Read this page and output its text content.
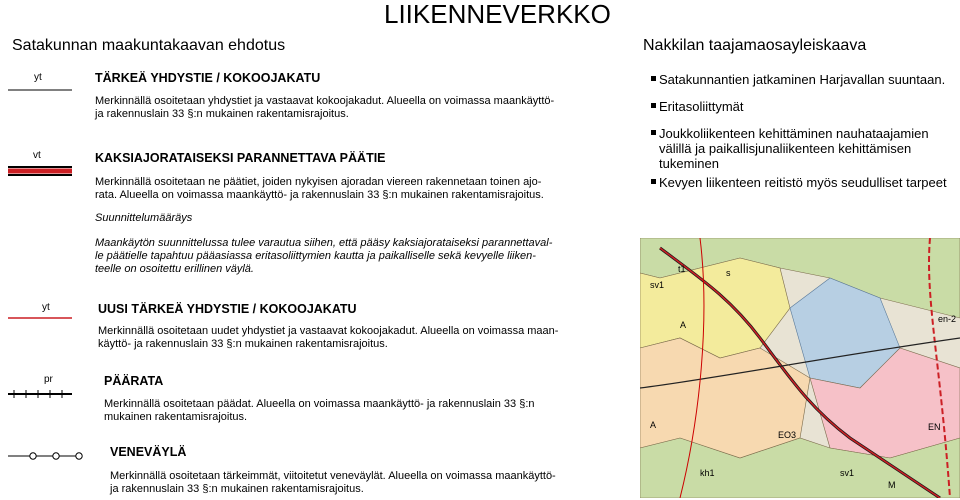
LIIKENNEVERKKO
Satakunnan maakuntakaavan ehdotus	Nakkilan taajamaosayleiskaava
yt
vt
yt
pr
TÄRKEÄ YHDYSTIE / KOKOOJAKATU
Merkinnällä osoitetaan yhdystiet ja vastaavat kokoojakadut. Alueella on voimassa maankäyttö-
ja rakennuslain 33 §:n mukainen rakentamisrajoitus.
KAKSIAJORATAISEKSI PARANNETTAVA PÄÄTIE
Merkinnällä osoitetaan ne päätiet, joiden nykyisen ajoradan viereen rakennetaan toinen ajo-
rata. Alueella on voimassa maankäyttö- ja rakennuslain 33 §:n mukainen rakentamisrajoitus.
Suunnittelumääräys
Maankäytön suunnittelussa tulee varautua siihen, että pääsy kaksiajorataiseksi parannettaval-
le päätielle tapahtuu pääasiassa eritasoliittymien kautta ja paikalliselle sekä kevyelle liiken-
teelle on osoitettu erillinen väylä.
UUSI TÄRKEÄ YHDYSTIE / KOKOOJAKATU
Merkinnällä osoitetaan uudet yhdystiet ja vastaavat kokoojakadut. Alueella on voimassa maan-
käyttö- ja rakennuslain 33 §:n mukainen rakentamisrajoitus.
PÄÄRATA
Merkinnällä osoitetaan päädat. Alueella on voimassa maankäyttö- ja rakennuslain 33 §:n
mukainen rakentamisrajoitus.
VENEVÄYLÄ
Merkinnällä osoitetaan tärkeimmät, viitoitetut veneväylät. Alueella on voimassa maankäyttö-
ja rakennuslain 33 §:n mukainen rakentamisrajoitus.
Satakunnantien jatkaminen Harjavallan suuntaan.
Eritasoliittymät
Joukkoliikenteen kehittäminen nauhataajamien välillä ja paikallisjunaliikenteen kehittämisen tukeminen
Kevyen liikenteen reitistö myös seudulliset tarpeet
t1	s
sv1
A
en-2
EO3
kh1
EN
sv1
M
A
